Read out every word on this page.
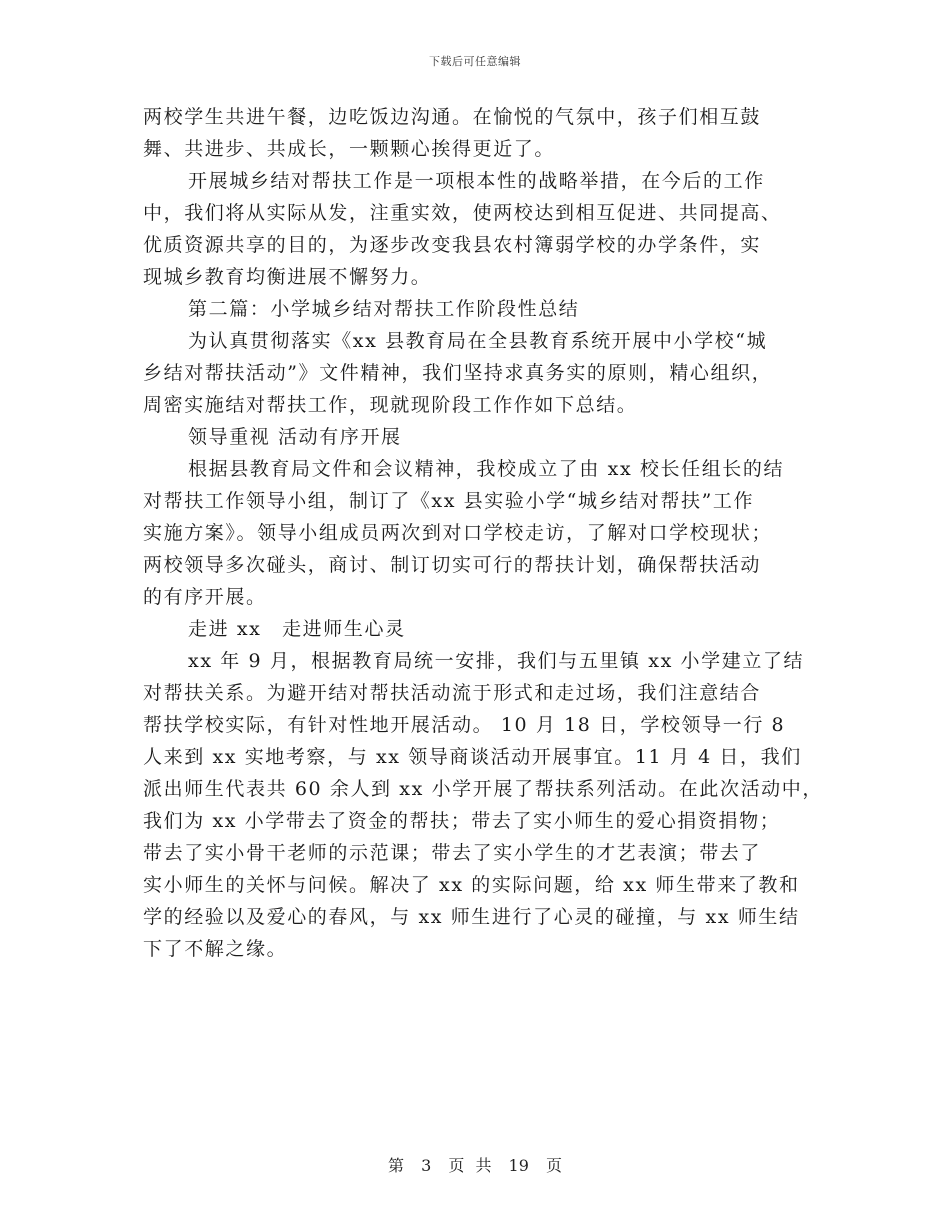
下载后可任意编辑
两校学生共进午餐，边吃饭边沟通。在愉悦的气氛中，孩子们相互鼓
舞、共进步、共成长，一颗颗心挨得更近了。
开展城乡结对帮扶工作是一项根本性的战略举措，在今后的工作
中，我们将从实际从发，注重实效，使两校达到相互促进、共同提高、
优质资源共享的目的，为逐步改变我县农村簿弱学校的办学条件，实
现城乡教育均衡进展不懈努力。
第二篇：小学城乡结对帮扶工作阶段性总结
为认真贯彻落实《xx 县教育局在全县教育系统开展中小学校“城
乡结对帮扶活动”》文件精神，我们坚持求真务实的原则，精心组织，
周密实施结对帮扶工作，现就现阶段工作作如下总结。
领导重视 活动有序开展
根据县教育局文件和会议精神，我校成立了由 xx 校长任组长的结
对帮扶工作领导小组，制订了《xx 县实验小学“城乡结对帮扶”工作
实施方案》。领导小组成员两次到对口学校走访，了解对口学校现状；
两校领导多次碰头，商讨、制订切实可行的帮扶计划，确保帮扶活动
的有序开展。
走进 xx　走进师生心灵
xx 年 9 月，根据教育局统一安排，我们与五里镇 xx 小学建立了结
对帮扶关系。为避开结对帮扶活动流于形式和走过场，我们注意结合
帮扶学校实际，有针对性地开展活动。 10 月 18 日，学校领导一行 8
人来到 xx 实地考察，与 xx 领导商谈活动开展事宜。11 月 4 日，我们
派出师生代表共 60 余人到 xx 小学开展了帮扶系列活动。在此次活动中，
我们为 xx 小学带去了资金的帮扶；带去了实小师生的爱心捐资捐物；
带去了实小骨干老师的示范课；带去了实小学生的才艺表演；带去了
实小师生的关怀与问候。解决了 xx 的实际问题，给 xx 师生带来了教和
学的经验以及爱心的春风，与 xx 师生进行了心灵的碰撞，与 xx 师生结
下了不解之缘。
第 3 页 共 19 页
